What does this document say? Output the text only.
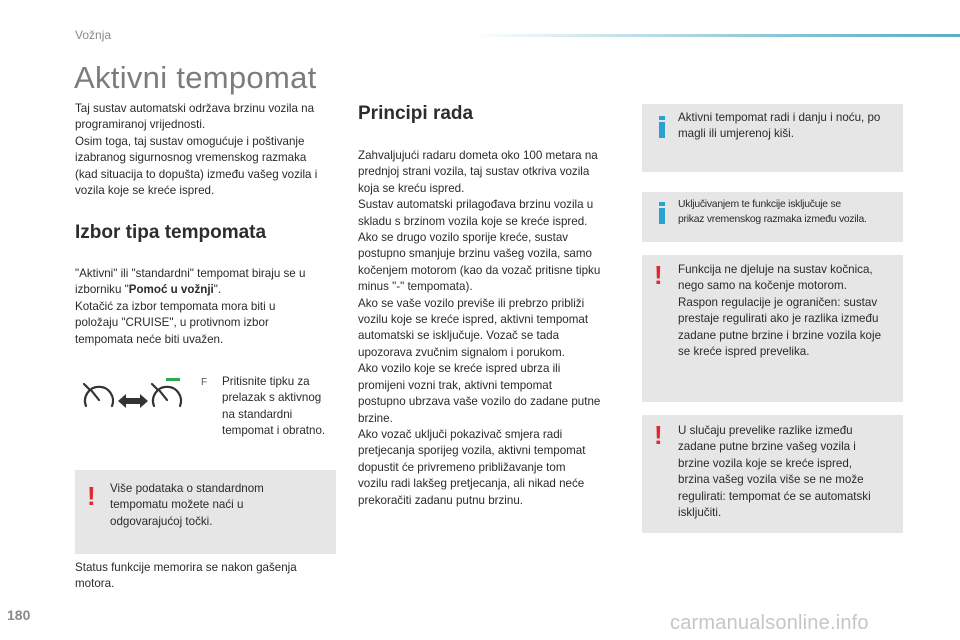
Vožnja
Aktivni tempomat

Taj sustav automatski održava brzinu vozila na

programiranoj vrijednosti.

Osim toga, taj sustav omogućuje i poštivanje

izabranog sigurnosnog vremenskog razmaka

(kad situacija to dopušta) između vašeg vozila i

vozila koje se kreće ispred.

Izbor tipa tempomata

"Aktivni" ili "standardni" tempomat biraju se u

izborniku "Pomoć u vožnji".

Kotačić za izbor tempomata mora biti u

položaju "CRUISE", u protivnom izbor

tempomata neće biti uvažen.

F Pritisnite tipku za

prelazak s aktivnog

na standardni

tempomat i obratno.

! Više podataka o standardnom

tempomatu možete naći u

odgovarajućoj točki.

Status funkcije memorira se nakon gašenja

motora.

Principi rada

Zahvaljujući radaru dometa oko 100 metara na

prednjoj strani vozila, taj sustav otkriva vozila

koja se kreću ispred.

Sustav automatski prilagođava brzinu vozila u

skladu s brzinom vozila koje se kreće ispred.

Ako se drugo vozilo sporije kreće, sustav

postupno smanjuje brzinu vašeg vozila, samo

kočenjem motorom (kao da vozač pritisne tipku

minus "-" tempomata).

Ako se vaše vozilo previše ili prebrzo približi

vozilu koje se kreće ispred, aktivni tempomat

automatski se isključuje. Vozač se tada

upozorava zvučnim signalom i porukom.

Ako vozilo koje se kreće ispred ubrza ili

promijeni vozni trak, aktivni tempomat

postupno ubrzava vaše vozilo do zadane putne

brzine.

Ako vozač uključi pokazivač smjera radi

pretjecanja sporijeg vozila, aktivni tempomat

dopustit će privremeno približavanje tom

vozilu radi lakšeg pretjecanja, ali nikad neće

prekoračiti zadanu putnu brzinu.

Aktivni tempomat radi i danju i noću, po

magli ili umjerenoj kiši.

Uključivanjem te funkcije isključuje se

prikaz vremenskog razmaka između vozila.

! Funkcija ne djeluje na sustav kočnica,

nego samo na kočenje motorom.

Raspon regulacije je ograničen: sustav

prestaje regulirati ako je razlika između

zadane putne brzine i brzine vozila koje

se kreće ispred prevelika.

! U slučaju prevelike razlike između

zadane putne brzine vašeg vozila i

brzine vozila koje se kreće ispred,

brzina vašeg vozila više se ne može

regulirati: tempomat će se automatski

isključiti.

180	carmanualsonline.info
